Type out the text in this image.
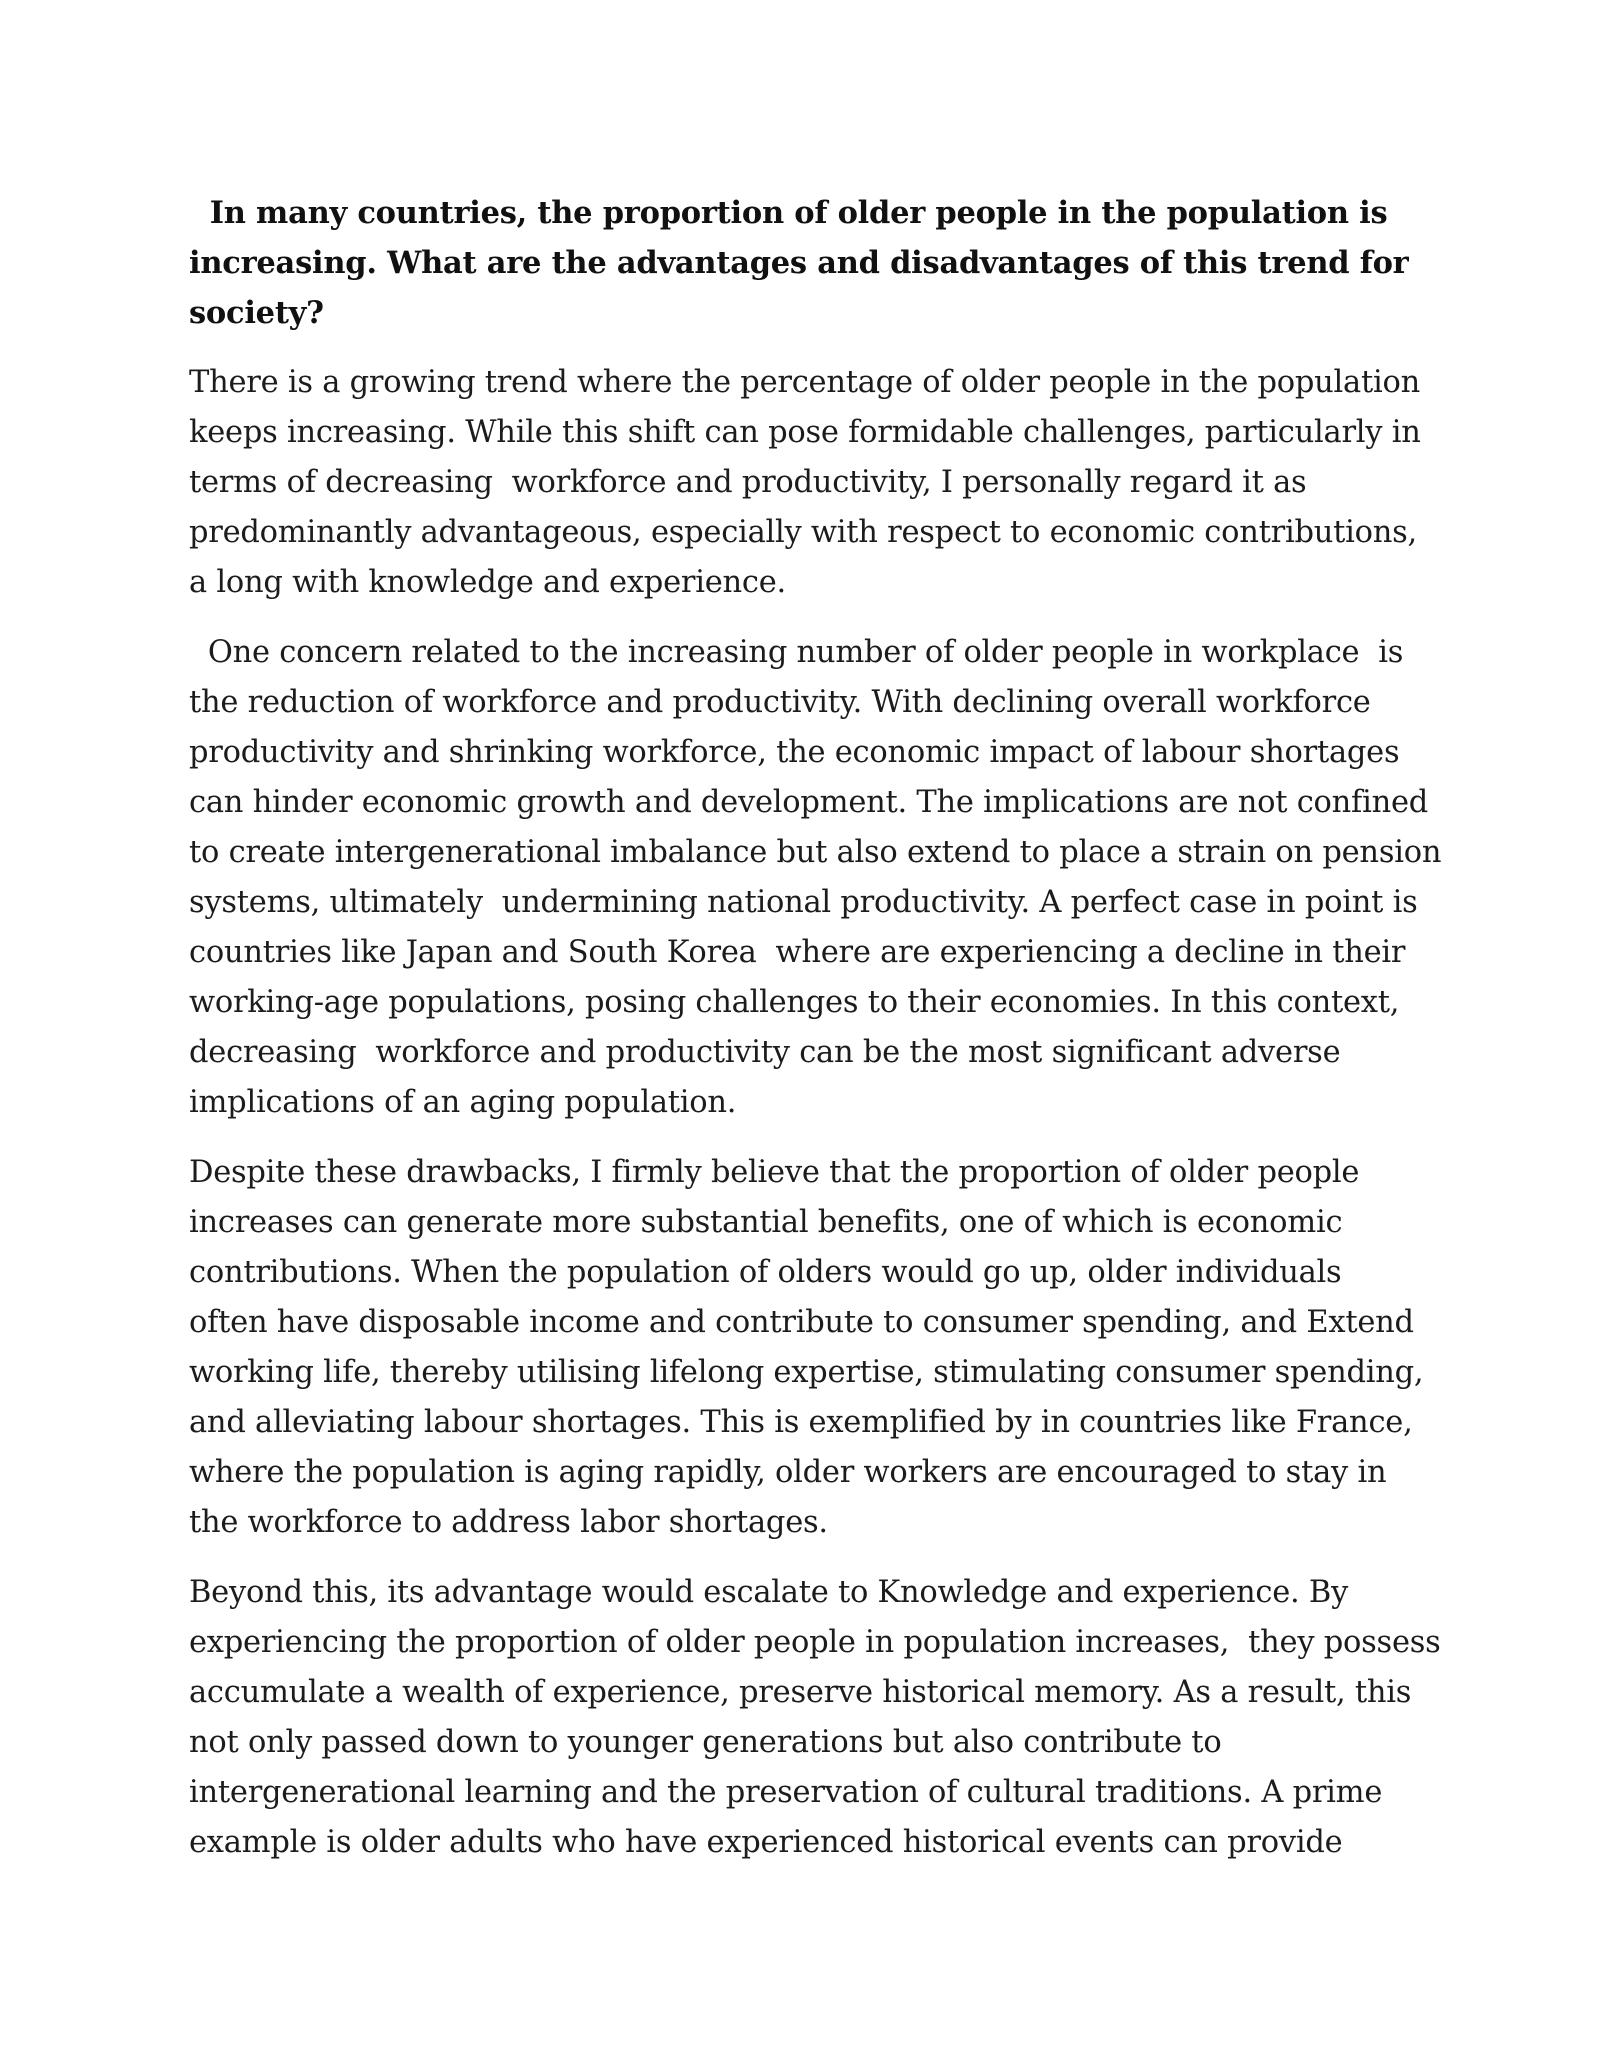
In many countries, the proportion of older people in the population is
increasing. What are the advantages and disadvantages of this trend for
society?
There is a growing trend where the percentage of older people in the population
keeps increasing. While this shift can pose formidable challenges, particularly in
terms of decreasing  workforce and productivity, I personally regard it as
predominantly advantageous, especially with respect to economic contributions,
a long with knowledge and experience.
One concern related to the increasing number of older people in workplace  is
the reduction of workforce and productivity. With declining overall workforce
productivity and shrinking workforce, the economic impact of labour shortages
can hinder economic growth and development. The implications are not confined
to create intergenerational imbalance but also extend to place a strain on pension
systems, ultimately  undermining national productivity. A perfect case in point is
countries like Japan and South Korea  where are experiencing a decline in their
working-age populations, posing challenges to their economies. In this context,
decreasing  workforce and productivity can be the most significant adverse
implications of an aging population.
Despite these drawbacks, I firmly believe that the proportion of older people
increases can generate more substantial benefits, one of which is economic
contributions. When the population of olders would go up, older individuals
often have disposable income and contribute to consumer spending, and Extend
working life, thereby utilising lifelong expertise, stimulating consumer spending,
and alleviating labour shortages. This is exemplified by in countries like France,
where the population is aging rapidly, older workers are encouraged to stay in
the workforce to address labor shortages.
Beyond this, its advantage would escalate to Knowledge and experience. By
experiencing the proportion of older people in population increases,  they possess
accumulate a wealth of experience, preserve historical memory. As a result, this
not only passed down to younger generations but also contribute to
intergenerational learning and the preservation of cultural traditions. A prime
example is older adults who have experienced historical events can provide
